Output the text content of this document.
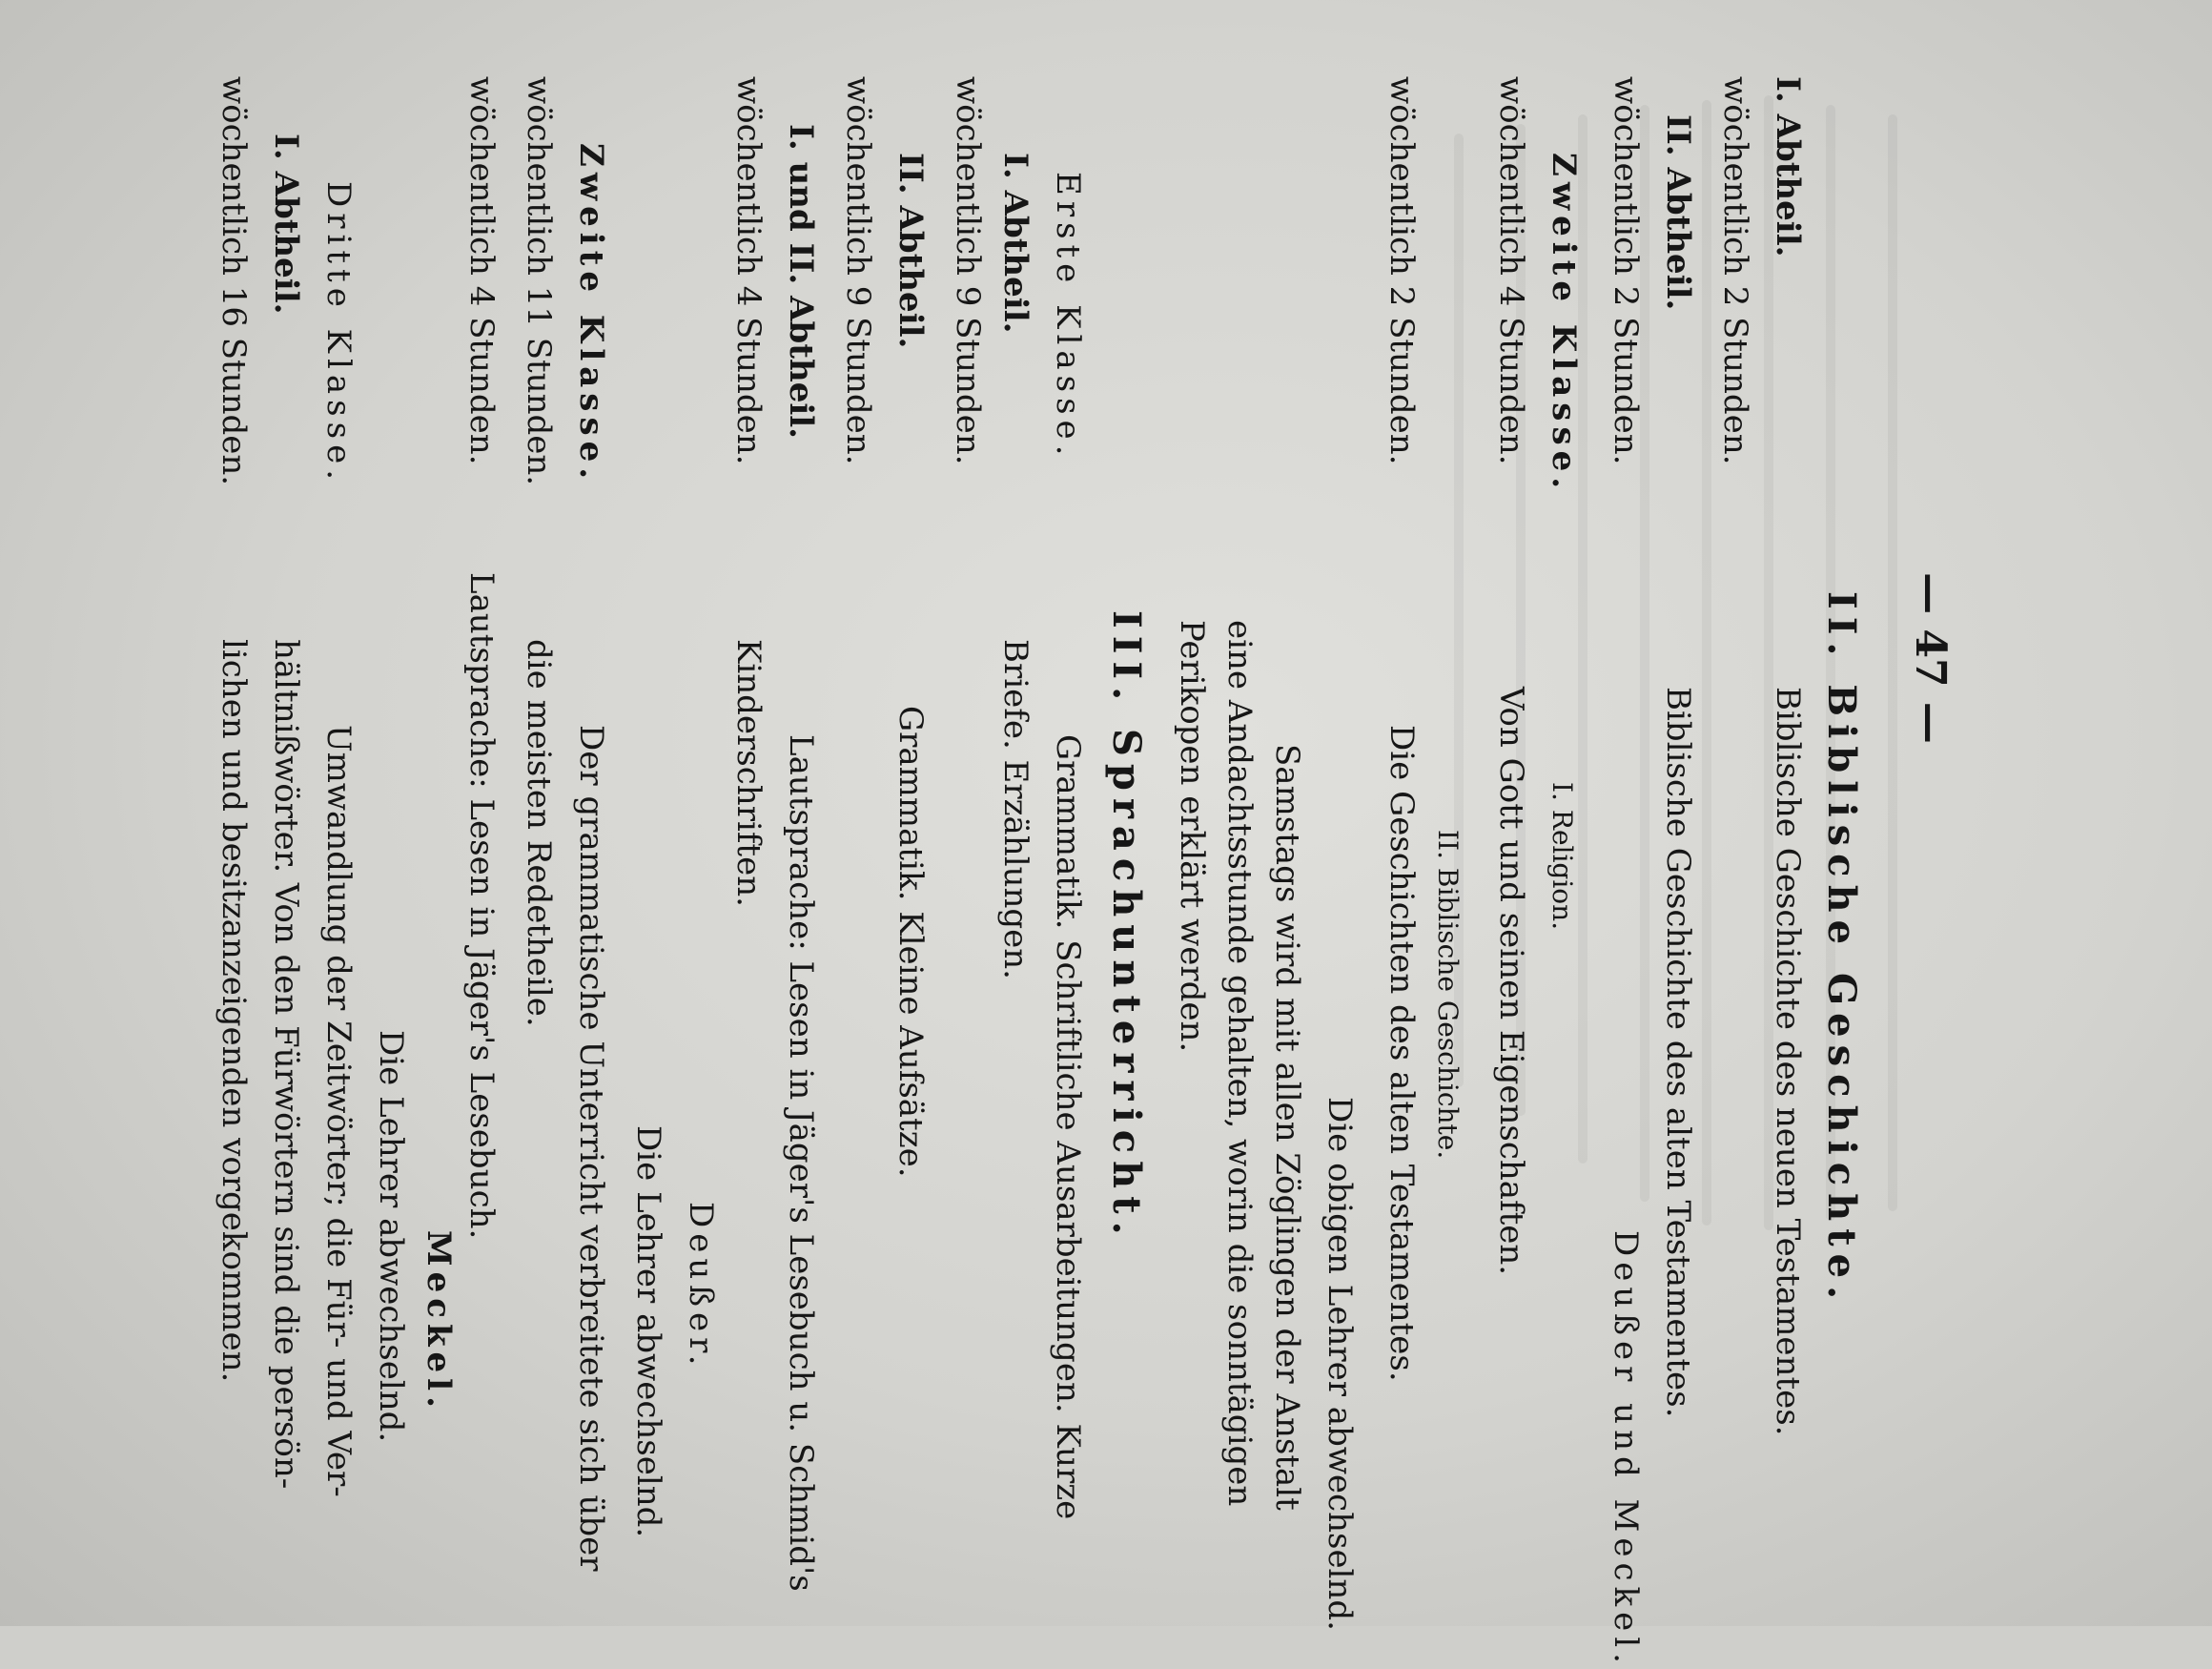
— 47 —
II. Biblische Geschichte.
I. Abtheil.
Biblische Geschichte des neuen Testamentes.
wöchentlich 2 Stunden.
II. Abtheil.
Biblische Geschichte des alten Testamentes.
wöchentlich 2 Stunden.
Deußer und Meckel.
Zweite Klasse.
I. Religion.
wöchentlich 4 Stunden.
Von Gott und seinen Eigenschaften.
II. Biblische Geschichte.
wöchentlich 2 Stunden.
Die Geschichten des alten Testamentes.
Die obigen Lehrer abwechselnd.
Samstags wird mit allen Zöglingen der Anstalt
eine Andachtsstunde gehalten, worin die sonntägigen
Perikopen erklärt werden.
III. Sprachunterricht.
Erste Klasse.
Grammatik. Schriftliche Ausarbeitungen. Kurze
I. Abtheil.
Briefe. Erzählungen.
wöchentlich 9 Stunden.
II. Abtheil.
Grammatik. Kleine Aufsätze.
wöchentlich 9 Stunden.
I. und II. Abtheil.
Lautsprache: Lesen in Jäger's Lesebuch u. Schmid's
wöchentlich 4 Stunden.
Kinderschriften.
Deußer.
Die Lehrer abwechselnd.
Zweite Klasse.
Der grammatische Unterricht verbreitete sich über
wöchentlich 11 Stunden.
die meisten Redetheile.
wöchentlich 4 Stunden.
Lautsprache: Lesen in Jäger's Lesebuch.
Meckel.
Die Lehrer abwechselnd.
Dritte Klasse.
Umwandlung der Zeitwörter; die Für- und Ver-
I. Abtheil.
hältnißwörter. Von den Fürwörtern sind die persön-
wöchentlich 16 Stunden.
lichen und besitzanzeigenden vorgekommen.
